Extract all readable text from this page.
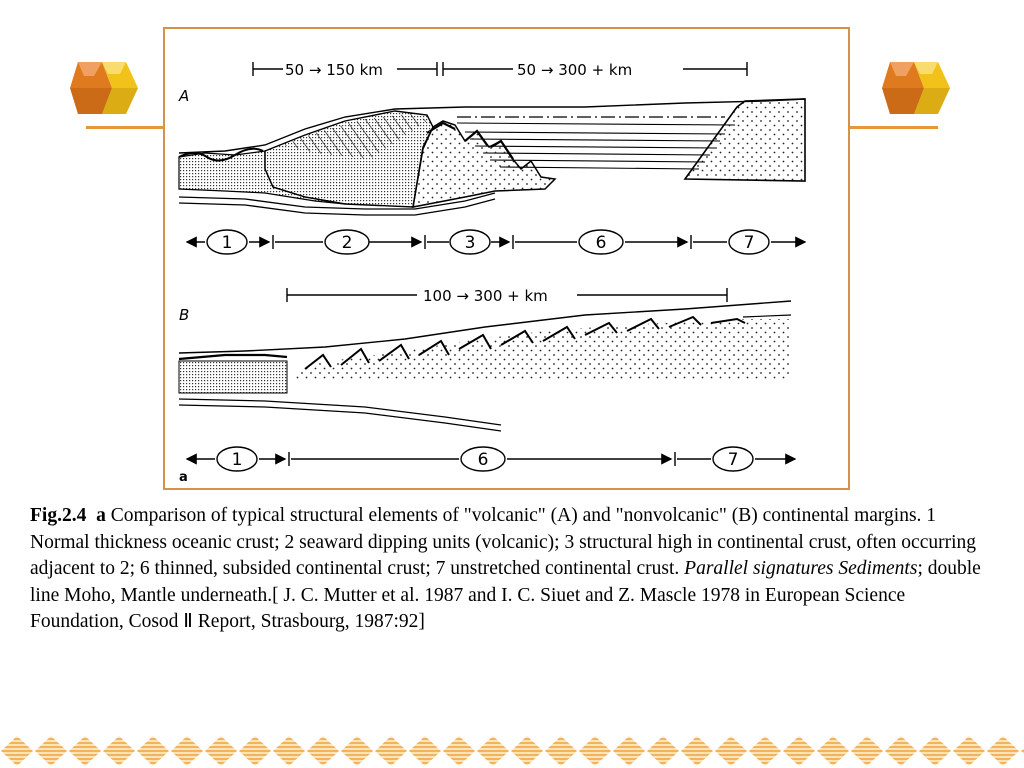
A
B
a
50 → 150 km	50 → 300 + km
1	2	3	6	7
100 → 300 + km
1	6	7
Fig.2.4 a Comparison of typical structural elements of "volcanic" (A) and "nonvolcanic" (B) continental margins. 1 Normal thickness oceanic crust; 2 seaward dipping units (volcanic); 3 structural high in continental crust, often occurring adjacent to 2; 6 thinned, subsided continental crust; 7 unstretched continental crust. Parallel signatures Sediments; double line Moho, Mantle underneath.[ J. C. Mutter et al. 1987 and I. C. Siuet and Z. Mascle 1978 in European Science Foundation, Cosod Ⅱ Report, Strasbourg, 1987:92]
